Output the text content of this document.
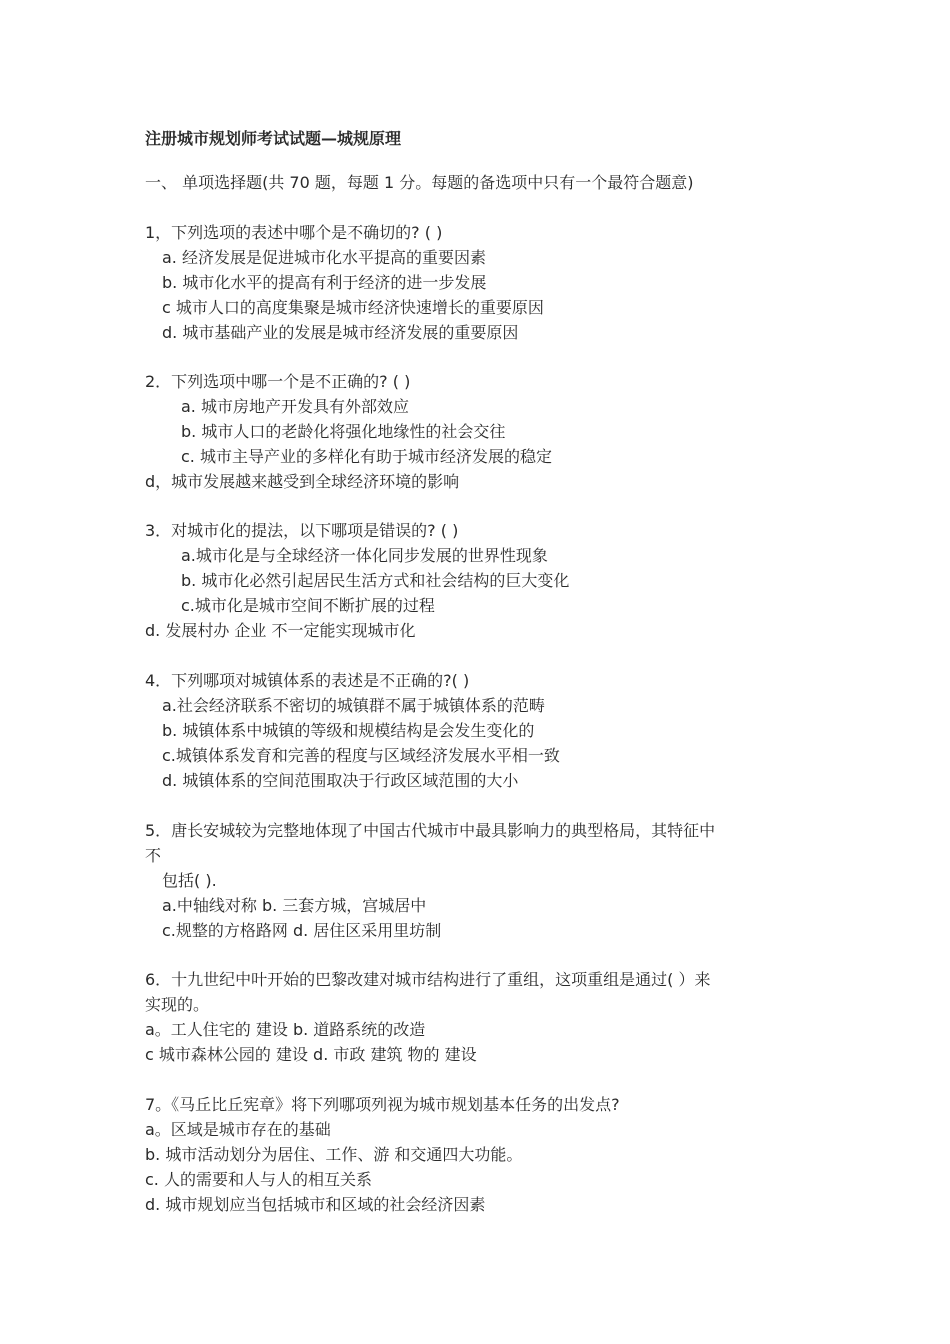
注册城市规划师考试试题—城规原理
一、 单项选择题(共 70 题，每题 1 分。每题的备选项中只有一个最符合题意)
1，下列选项的表述中哪个是不确切的? ( )
a. 经济发展是促进城市化水平提高的重要因素
b. 城市化水平的提高有利于经济的进一步发展
c 城市人口的高度集聚是城市经济快速增长的重要原因
d. 城市基础产业的发展是城市经济发展的重要原因
2．下列选项中哪一个是不正确的? ( )
a. 城市房地产开发具有外部效应
b. 城市人口的老龄化将强化地缘性的社会交往
c. 城市主导产业的多样化有助于城市经济发展的稳定
d，城市发展越来越受到全球经济环境的影响
3．对城市化的提法，以下哪项是错误的? ( )
a.城市化是与全球经济一体化同步发展的世界性现象
b. 城市化必然引起居民生活方式和社会结构的巨大变化
c.城市化是城市空间不断扩展的过程
d. 发展村办 企业 不一定能实现城市化
4．下列哪项对城镇体系的表述是不正确的?( )
a.社会经济联系不密切的城镇群不属于城镇体系的范畴
b. 城镇体系中城镇的等级和规模结构是会发生变化的
c.城镇体系发育和完善的程度与区域经济发展水平相一致
d. 城镇体系的空间范围取决于行政区域范围的大小
5．唐长安城较为完整地体现了中国古代城市中最具影响力的典型格局，其特征中
不
包括( ).
a.中轴线对称 b. 三套方城，宫城居中
c.规整的方格路网 d. 居住区采用里坊制
6．十九世纪中叶开始的巴黎改建对城市结构进行了重组，这项重组是通过( ）来
实现的。
a。工人住宅的 建设 b. 道路系统的改造
c 城市森林公园的 建设 d. 市政 建筑 物的 建设
7。《马丘比丘宪章》将下列哪项列视为城市规划基本任务的出发点?
a。区域是城市存在的基础
b. 城市活动划分为居住、工作、游 和交通四大功能。
c. 人的需要和人与人的相互关系
d. 城市规划应当包括城市和区域的社会经济因素
